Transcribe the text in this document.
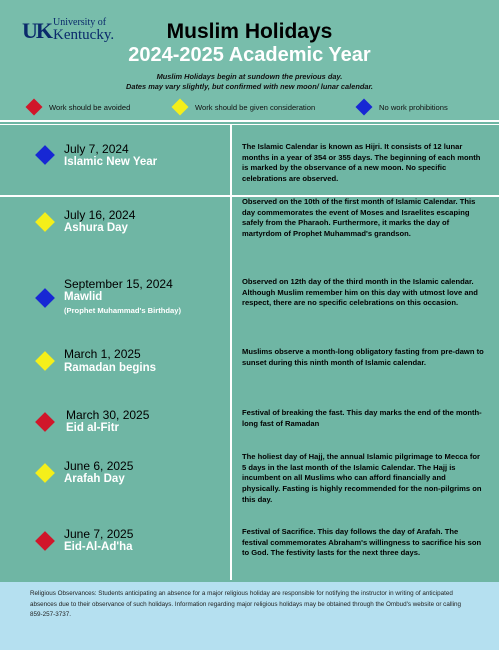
UK University of
Kentucky.	Muslim Holidays
2024-2025 Academic Year
Muslim Holidays begin at sundown the previous day.
Dates may vary slightly, but confirmed with new moon/ lunar calendar.
Work should be avoided	Work should be given consideration	No work prohibitions
July 7, 2024
Islamic New Year
The Islamic Calendar is known as Hijri. It consists of 12 lunar months in a year of 354 or 355 days. The beginning of each month is marked by the observance of a new moon. No specific celebrations are observed.
July 16, 2024
Ashura Day
Observed on the 10th of the first month of Islamic Calendar. This day commemorates the event of Moses and Israelites escaping safely from the Pharaoh. Furthermore, it marks the day of martyrdom of Prophet Muhammad's grandson.
September 15, 2024
Mawlid
(Prophet Muhammad's Birthday)
Observed on 12th day of the third month in the Islamic calendar. Although Muslim remember him on this day with utmost love and respect, there are no specific celebrations on this occasion.
March 1, 2025
Ramadan begins
Muslims observe a month-long obligatory fasting from pre-dawn to sunset during this ninth month of Islamic calendar.
March 30, 2025
Eid al-Fitr
Festival of breaking the fast. This day marks the end of the month-long fast of Ramadan
June 6, 2025
Arafah Day
The holiest day of Hajj, the annual Islamic pilgrimage to Mecca for 5 days in the last month of the Islamic Calendar. The Hajj is incumbent on all Muslims who can afford financially and physically. Fasting is highly recommended for the non-pilgrims on this day.
June 7, 2025
Eid-Al-Ad'ha
Festival of Sacrifice. This day follows the day of Arafah. The festival commemorates Abraham's willingness to sacrifice his son to God. The festivity lasts for the next three days.

Religious Observances: Students anticipating an absence for a major religious holiday are responsible for notifying the instructor in writing of anticipated absences due to their observance of such holidays. Information regarding major religious holidays may be obtained through the Ombud's website or calling 859-257-3737.
